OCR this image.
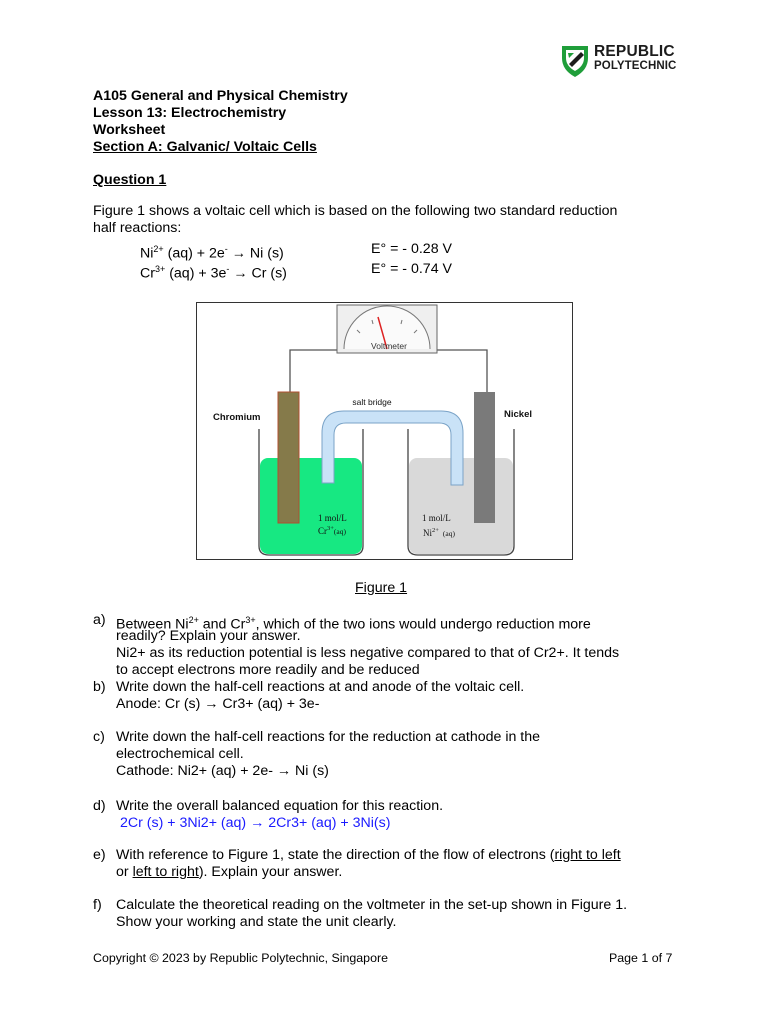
REPUBLIC
POLYTECHNIC
A105 General and Physical Chemistry
Lesson 13: Electrochemistry
Worksheet
Section A: Galvanic/ Voltaic Cells
Question 1
Figure 1 shows a voltaic cell which is based on the following two standard reduction
half reactions:
$Ni^{2+}$ (aq) + 2e- → Ni (s)	E° = - 0.28 V
$Cr^{3+}$ (aq) + 3e- → Cr (s)	E° = - 0.74 V
Voltmeter
salt bridge
Chromium	Nickel
1 mol/L
$Cr^{3+}_{(aq)}$
1 mol/L
$Ni^{2+}$ $_{(aq)}$
Figure 1
a) Between $Ni^{2+}$ and $Cr^{3+}$, which of the two ions would undergo reduction more
readily? Explain your answer.
Ni2+ as its reduction potential is less negative compared to that of Cr2+. It tends
to accept electrons more readily and be reduced
b) Write down the half-cell reactions at and anode of the voltaic cell.
Anode: Cr (s) → Cr3+ (aq) + 3e-
c) Write down the half-cell reactions for the reduction at cathode in the
electrochemical cell.
Cathode: Ni2+ (aq) + 2e- → Ni (s)
d) Write the overall balanced equation for this reaction.
2Cr (s) + 3Ni2+ (aq) → 2Cr3+ (aq) + 3Ni(s)
e) With reference to Figure 1, state the direction of the flow of electrons (right to left
or left to right). Explain your answer.
f) Calculate the theoretical reading on the voltmeter in the set-up shown in Figure 1.
Show your working and state the unit clearly.
Copyright © 2023 by Republic Polytechnic, Singapore	Page 1 of 7
